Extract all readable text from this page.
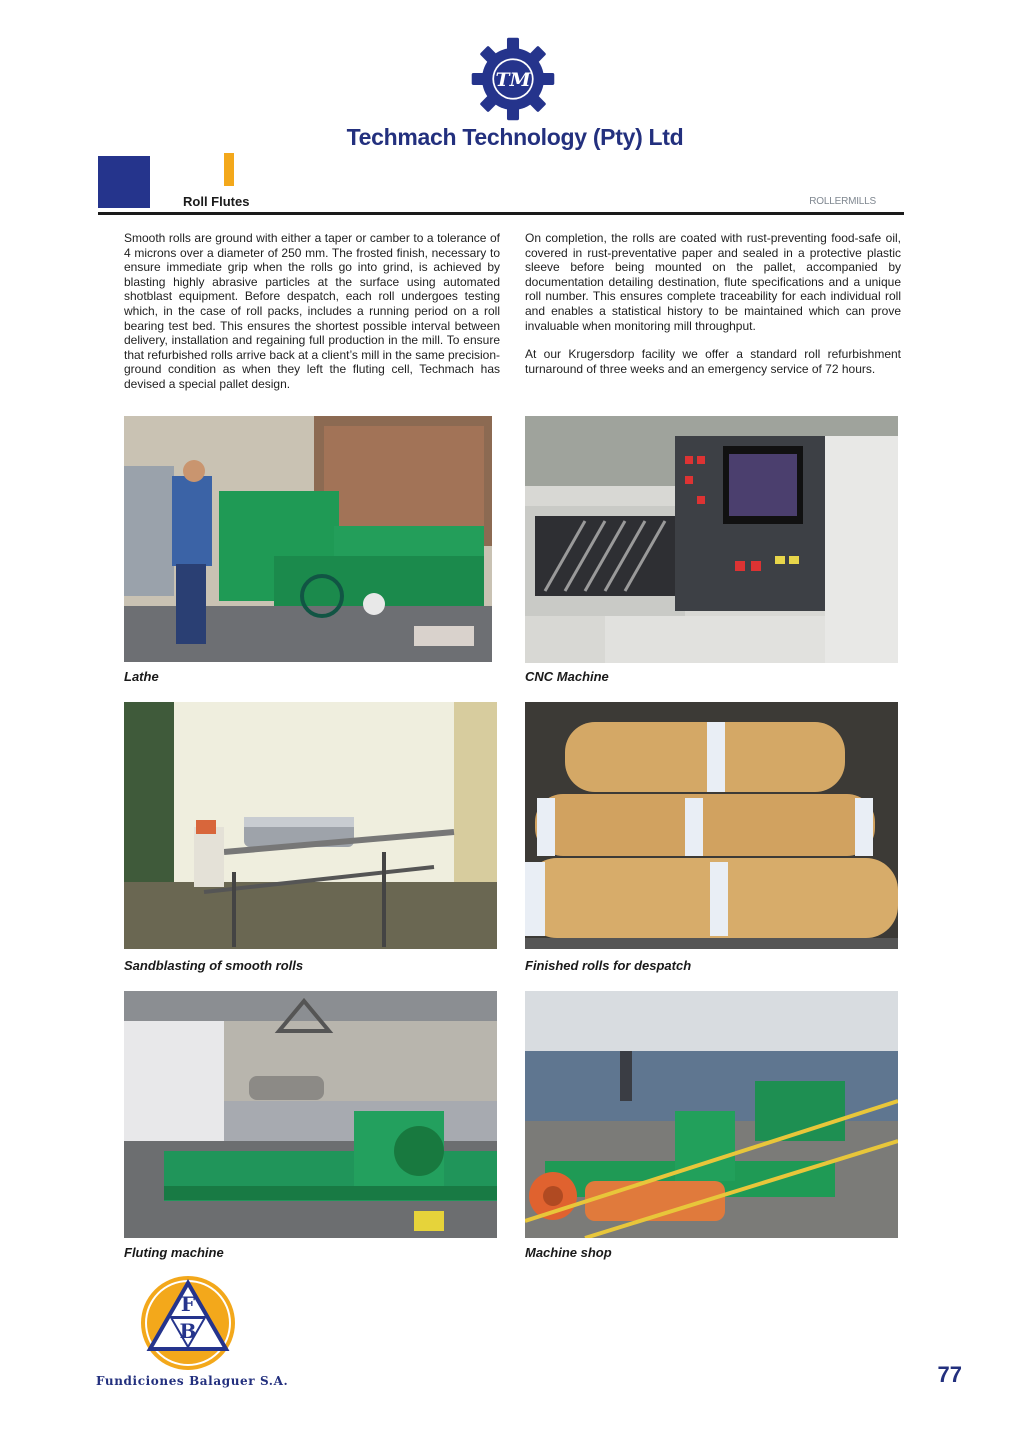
TM
Techmach Technology (Pty) Ltd
Roll Flutes	ROLLERMILLS

Smooth rolls are ground with either a taper or camber to a tolerance of 4 microns over a diameter of 250 mm. The frosted finish, necessary to ensure immediate grip when the rolls go into grind, is achieved by blasting highly abrasive particles at the surface using automated shotblast equipment. Before despatch, each roll undergoes testing which, in the case of roll packs, includes a running period on a roll bearing test bed. This ensures the shortest possible interval between delivery, installation and regaining full production in the mill. To ensure that refurbished rolls arrive back at a client’s mill in the same precision-ground condition as when they left the fluting cell, Techmach has devised a special pallet design.

On completion, the rolls are coated with rust-preventing food-safe oil, covered in rust-preventative paper and sealed in a protective plastic sleeve before being mounted on the pallet, accompanied by documentation detailing destination, flute specifications and a unique roll number. This ensures complete traceability for each individual roll and enables a statistical history to be maintained which can prove invaluable when monitoring mill throughput.

At our Krugersdorp facility we offer a standard roll refurbishment turnaround of three weeks and an emergency service of 72 hours.

Lathe	CNC Machine
Sandblasting of smooth rolls	Finished rolls for despatch
Fluting machine	Machine shop
F
B
Fundiciones Balaguer S.A.	77
